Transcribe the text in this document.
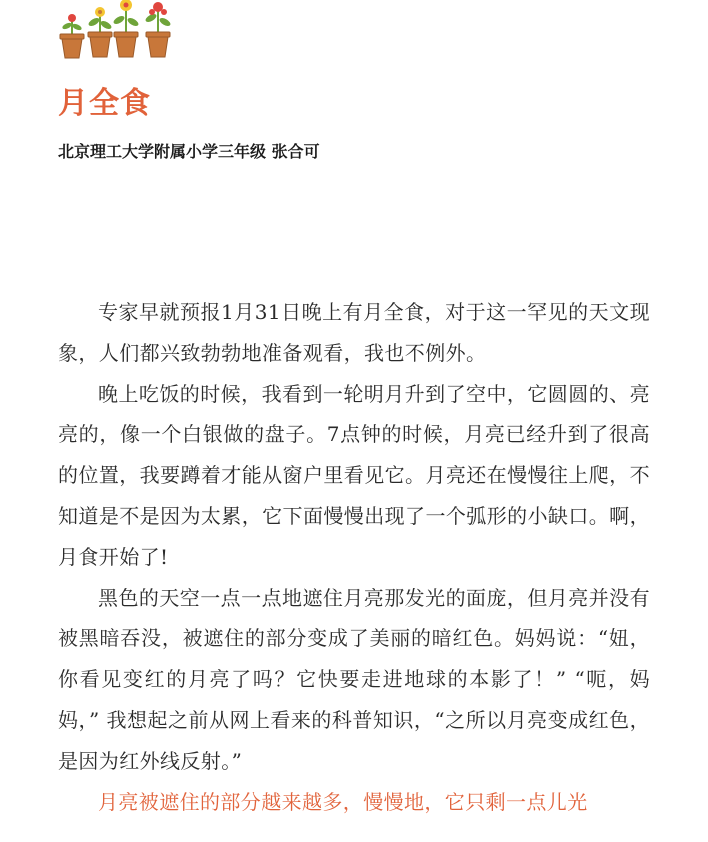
月全食

北京理工大学附属小学三年级 张合可

专家早就预报1月31日晚上有月全食，对于这一罕见的天文现象，人们都兴致勃勃地准备观看，我也不例外。

晚上吃饭的时候，我看到一轮明月升到了空中，它圆圆的、亮亮的，像一个白银做的盘子。7点钟的时候，月亮已经升到了很高的位置，我要蹲着才能从窗户里看见它。月亮还在慢慢往上爬，不知道是不是因为太累，它下面慢慢出现了一个弧形的小缺口。啊，月食开始了!

黑色的天空一点一点地遮住月亮那发光的面庞，但月亮并没有被黑暗吞没，被遮住的部分变成了美丽的暗红色。妈妈说：“妞，你看见变红的月亮了吗？它快要走进地球的本影了！” “呃，妈妈，” 我想起之前从网上看来的科普知识，“之所以月亮变成红色，是因为红外线反射。”

月亮被遮住的部分越来越多，慢慢地，它只剩一点儿光
